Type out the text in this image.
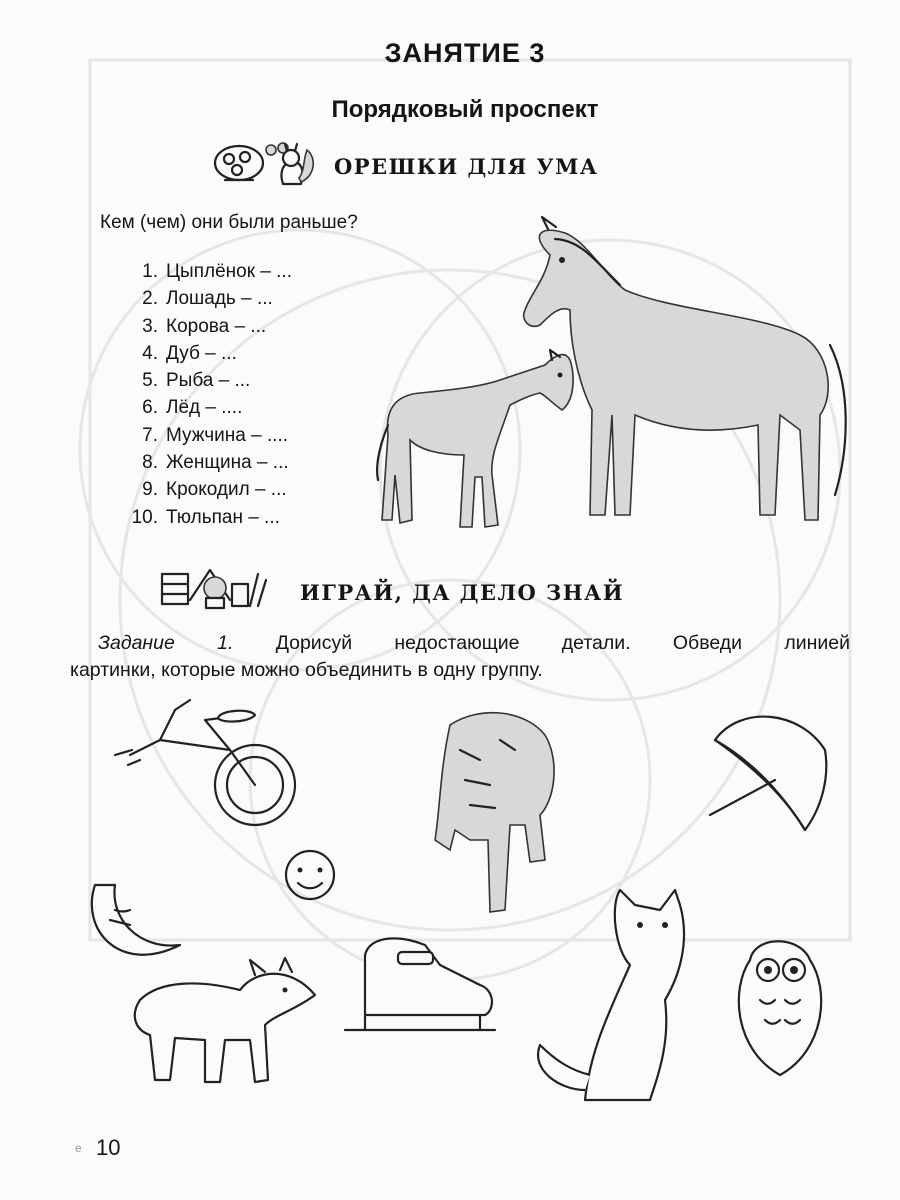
ЗАНЯТИЕ 3
Порядковый проспект
ОРЕШКИ ДЛЯ УМА
Кем (чем) они были раньше?
1. Цыплёнок – ...
2. Лошадь – ...
3. Корова – ...
4. Дуб – ...
5. Рыба – ...
6. Лёд – ....
7. Мужчина – ....
8. Женщина – ...
9. Крокодил – ...
10. Тюльпан – ...
ИГРАЙ, ДА ДЕЛО ЗНАЙ
Задание 1. Дорисуй недостающие детали. Обведи линией
картинки, которые можно объединить в одну группу.
e 10
